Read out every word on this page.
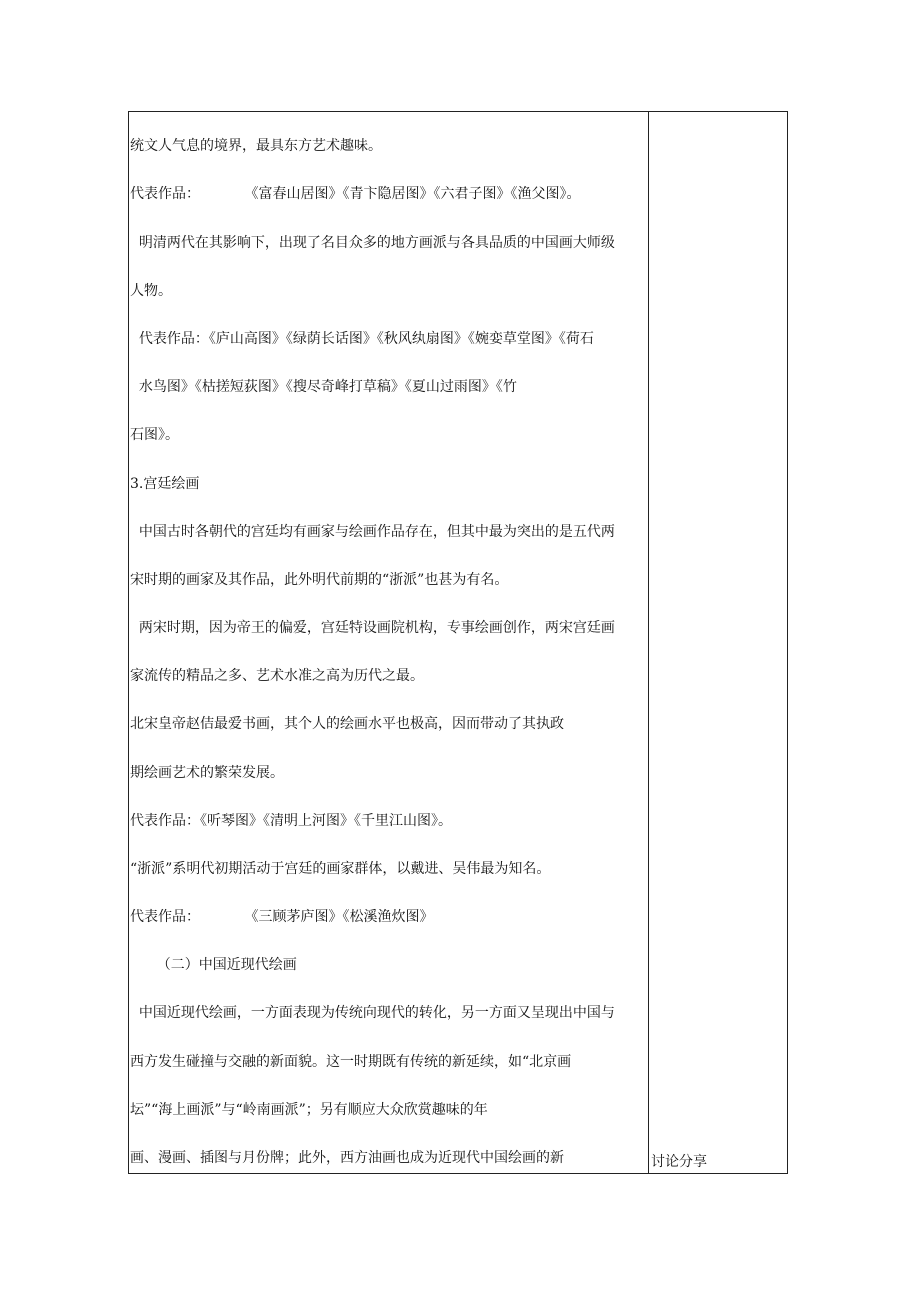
统文人气息的境界，最具东方艺术趣味。
代表作品：          《富春山居图》《青卞隐居图》《六君子图》《渔父图》。
明清两代在其影响下，出现了名目众多的地方画派与各具品质的中国画大师级
人物。
代表作品：《庐山高图》《绿荫长话图》《秋风纨扇图》《婉娈草堂图》《荷石
水鸟图》《枯搓短荻图》《搜尽奇峰打草稿》《夏山过雨图》《竹
石图》。
3.宫廷绘画
中国古时各朝代的宫廷均有画家与绘画作品存在，但其中最为突出的是五代两
宋时期的画家及其作品，此外明代前期的“浙派”也甚为有名。
两宋时期，因为帝王的偏爱，宫廷特设画院机构，专事绘画创作，两宋宫廷画
家流传的精品之多、艺术水准之高为历代之最。
北宋皇帝赵佶最爱书画，其个人的绘画水平也极高，因而带动了其执政
期绘画艺术的繁荣发展。
代表作品：《听琴图》《清明上河图》《千里江山图》。
“浙派”系明代初期活动于宫廷的画家群体，以戴进、吴伟最为知名。
代表作品：          《三顾茅庐图》《松溪渔炊图》
（二）中国近现代绘画
中国近现代绘画，一方面表现为传统向现代的转化，另一方面又呈现出中国与
西方发生碰撞与交融的新面貌。这一时期既有传统的新延续，如“北京画
坛”“海上画派”与“岭南画派”；另有顺应大众欣赏趣味的年
画、漫画、插图与月份牌；此外，西方油画也成为近现代中国绘画的新	讨论分享
